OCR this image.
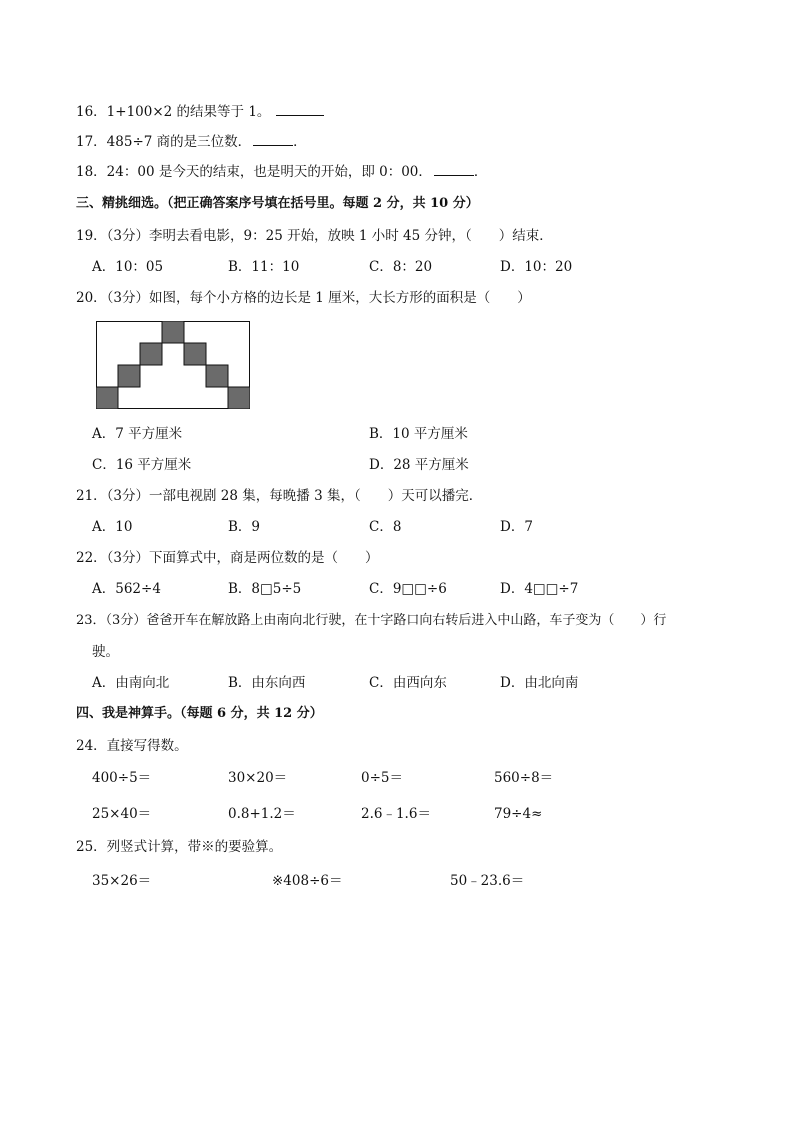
16．1+100×2 的结果等于 1。
17．485÷7 商的是三位数．	．
18．24：00 是今天的结束，也是明天的开始，即 0：00．	．
三、精挑细选。（把正确答案序号填在括号里。每题 2 分，共 10 分）
19．（3分）李明去看电影，9：25 开始，放映 1 小时 45 分钟，（　　）结束．
A．10：05	B．11：10	C．8：20	D．10：20
20．（3分）如图，每个小方格的边长是 1 厘米，大长方形的面积是（　　）
A．7 平方厘米	B．10 平方厘米
C．16 平方厘米	D．28 平方厘米
21．（3分）一部电视剧 28 集，每晚播 3 集，（　　）天可以播完．
A．10	B．9	C．8	D．7
22．（3分）下面算式中，商是两位数的是（　　）
A．562÷4	B．8□5÷5	C．9□□÷6	D．4□□÷7
23．（3分）爸爸开车在解放路上由南向北行驶，在十字路口向右转后进入中山路，车子变为（　　）行
驶。
A．由南向北	B．由东向西	C．由西向东	D．由北向南
四、我是神算手。（每题 6 分，共 12 分）
24．直接写得数。
400÷5＝	30×20＝	0÷5＝	560÷8＝
25×40＝	0.8+1.2＝	2.6﹣1.6＝	79÷4≈
25．列竖式计算，带※的要验算。
35×26＝	※408÷6＝	50﹣23.6＝
